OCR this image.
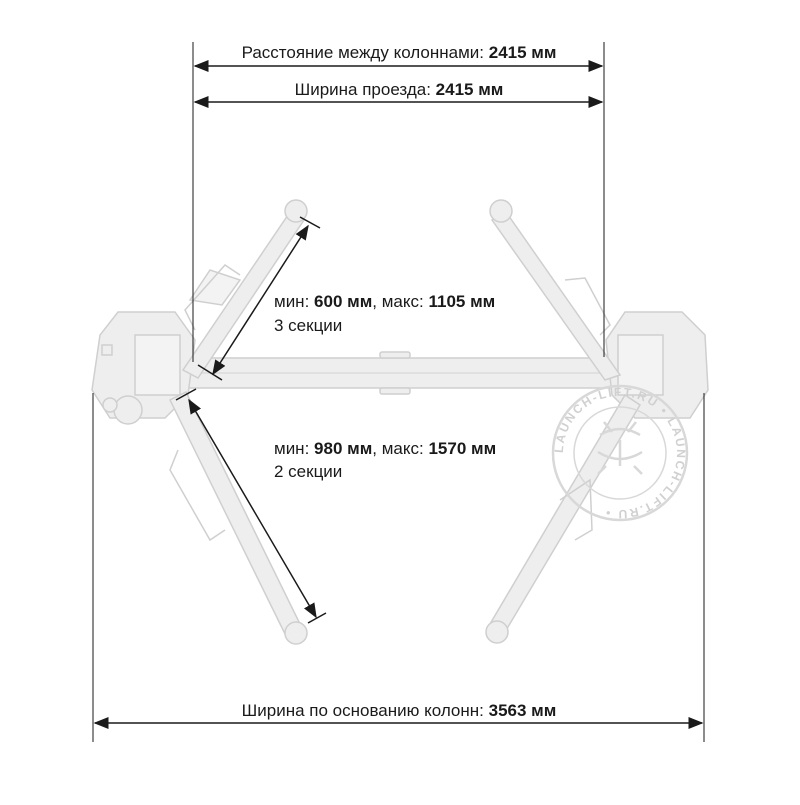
LAUNCH-LIFT.RU • LAUNCH-LIFT.RU •
Расстояние между колоннами: 2415 мм
Ширина проезда: 2415 мм
мин: 600 мм, макс: 1105 мм
3 секции
мин: 980 мм, макс: 1570 мм
2 секции
Ширина по основанию колонн: 3563 мм
